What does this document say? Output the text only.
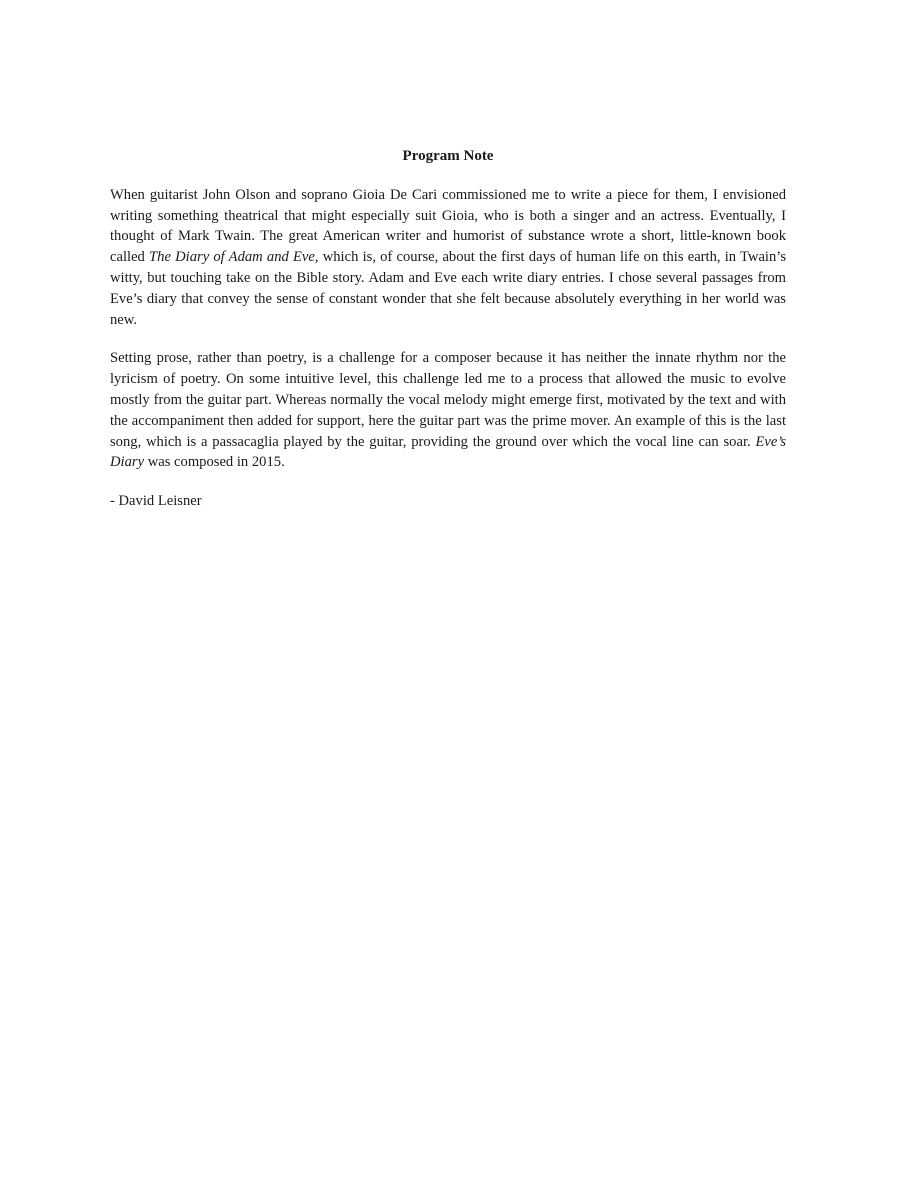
Program Note

When guitarist John Olson and soprano Gioia De Cari commissioned me to write a piece for them, I envisioned writing something theatrical that might especially suit Gioia, who is both a singer and an actress. Eventually, I thought of Mark Twain. The great American writer and humorist of substance wrote a short, little-known book called The Diary of Adam and Eve, which is, of course, about the first days of human life on this earth, in Twain’s witty, but touching take on the Bible story. Adam and Eve each write diary entries. I chose several passages from Eve’s diary that convey the sense of constant wonder that she felt because absolutely everything in her world was new.

Setting prose, rather than poetry, is a challenge for a composer because it has neither the innate rhythm nor the lyricism of poetry. On some intuitive level, this challenge led me to a process that allowed the music to evolve mostly from the guitar part. Whereas normally the vocal melody might emerge first, motivated by the text and with the accompaniment then added for support, here the guitar part was the prime mover. An example of this is the last song, which is a passacaglia played by the guitar, providing the ground over which the vocal line can soar. Eve’s Diary was composed in 2015.

- David Leisner
